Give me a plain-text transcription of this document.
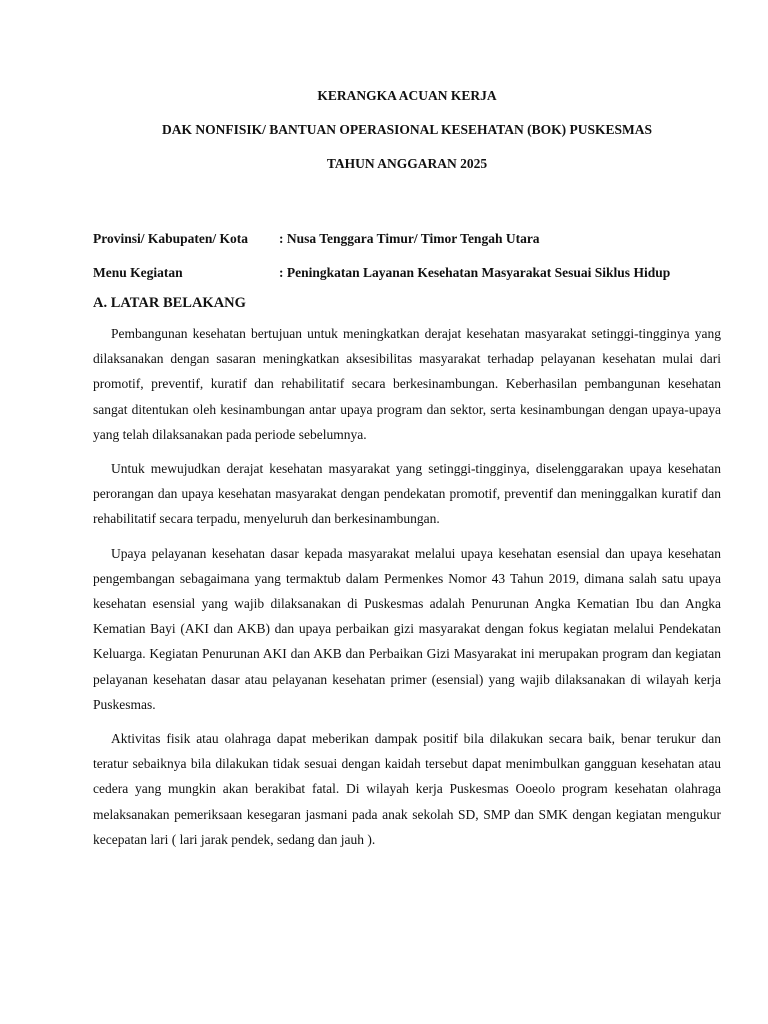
KERANGKA ACUAN KERJA

DAK NONFISIK/ BANTUAN OPERASIONAL KESEHATAN (BOK) PUSKESMAS

TAHUN ANGGARAN 2025

Provinsi/ Kabupaten/ Kota	: Nusa Tenggara Timur/ Timor Tengah Utara
Menu Kegiatan	: Peningkatan Layanan Kesehatan Masyarakat Sesuai Siklus Hidup

A. LATAR BELAKANG

Pembangunan kesehatan bertujuan untuk meningkatkan derajat kesehatan masyarakat setinggi-tingginya yang dilaksanakan dengan sasaran meningkatkan aksesibilitas masyarakat terhadap pelayanan kesehatan mulai dari promotif, preventif, kuratif dan rehabilitatif secara berkesinambungan. Keberhasilan pembangunan kesehatan sangat ditentukan oleh kesinambungan antar upaya program dan sektor, serta kesinambungan dengan upaya-upaya yang telah dilaksanakan pada periode sebelumnya.

Untuk mewujudkan derajat kesehatan masyarakat yang setinggi-tingginya, diselenggarakan upaya kesehatan perorangan dan upaya kesehatan masyarakat dengan pendekatan promotif, preventif dan meninggalkan kuratif dan rehabilitatif secara terpadu, menyeluruh dan berkesinambungan.

Upaya pelayanan kesehatan dasar kepada masyarakat melalui upaya kesehatan esensial dan upaya kesehatan pengembangan sebagaimana yang termaktub dalam Permenkes Nomor 43 Tahun 2019, dimana salah satu upaya kesehatan esensial yang wajib dilaksanakan di Puskesmas adalah Penurunan Angka Kematian Ibu dan Angka Kematian Bayi (AKI dan AKB) dan upaya perbaikan gizi masyarakat dengan fokus kegiatan melalui Pendekatan Keluarga. Kegiatan Penurunan AKI dan AKB dan Perbaikan Gizi Masyarakat ini merupakan program dan kegiatan pelayanan kesehatan dasar atau pelayanan kesehatan primer (esensial) yang wajib dilaksanakan di wilayah kerja Puskesmas.

Aktivitas fisik atau olahraga dapat meberikan dampak positif bila dilakukan secara baik, benar terukur dan teratur sebaiknya bila dilakukan tidak sesuai dengan kaidah tersebut dapat menimbulkan gangguan kesehatan atau cedera yang mungkin akan berakibat fatal. Di wilayah kerja Puskesmas Ooeolo program kesehatan olahraga melaksanakan pemeriksaan kesegaran jasmani pada anak sekolah SD, SMP dan SMK dengan kegiatan mengukur kecepatan lari ( lari jarak pendek, sedang dan jauh ).
